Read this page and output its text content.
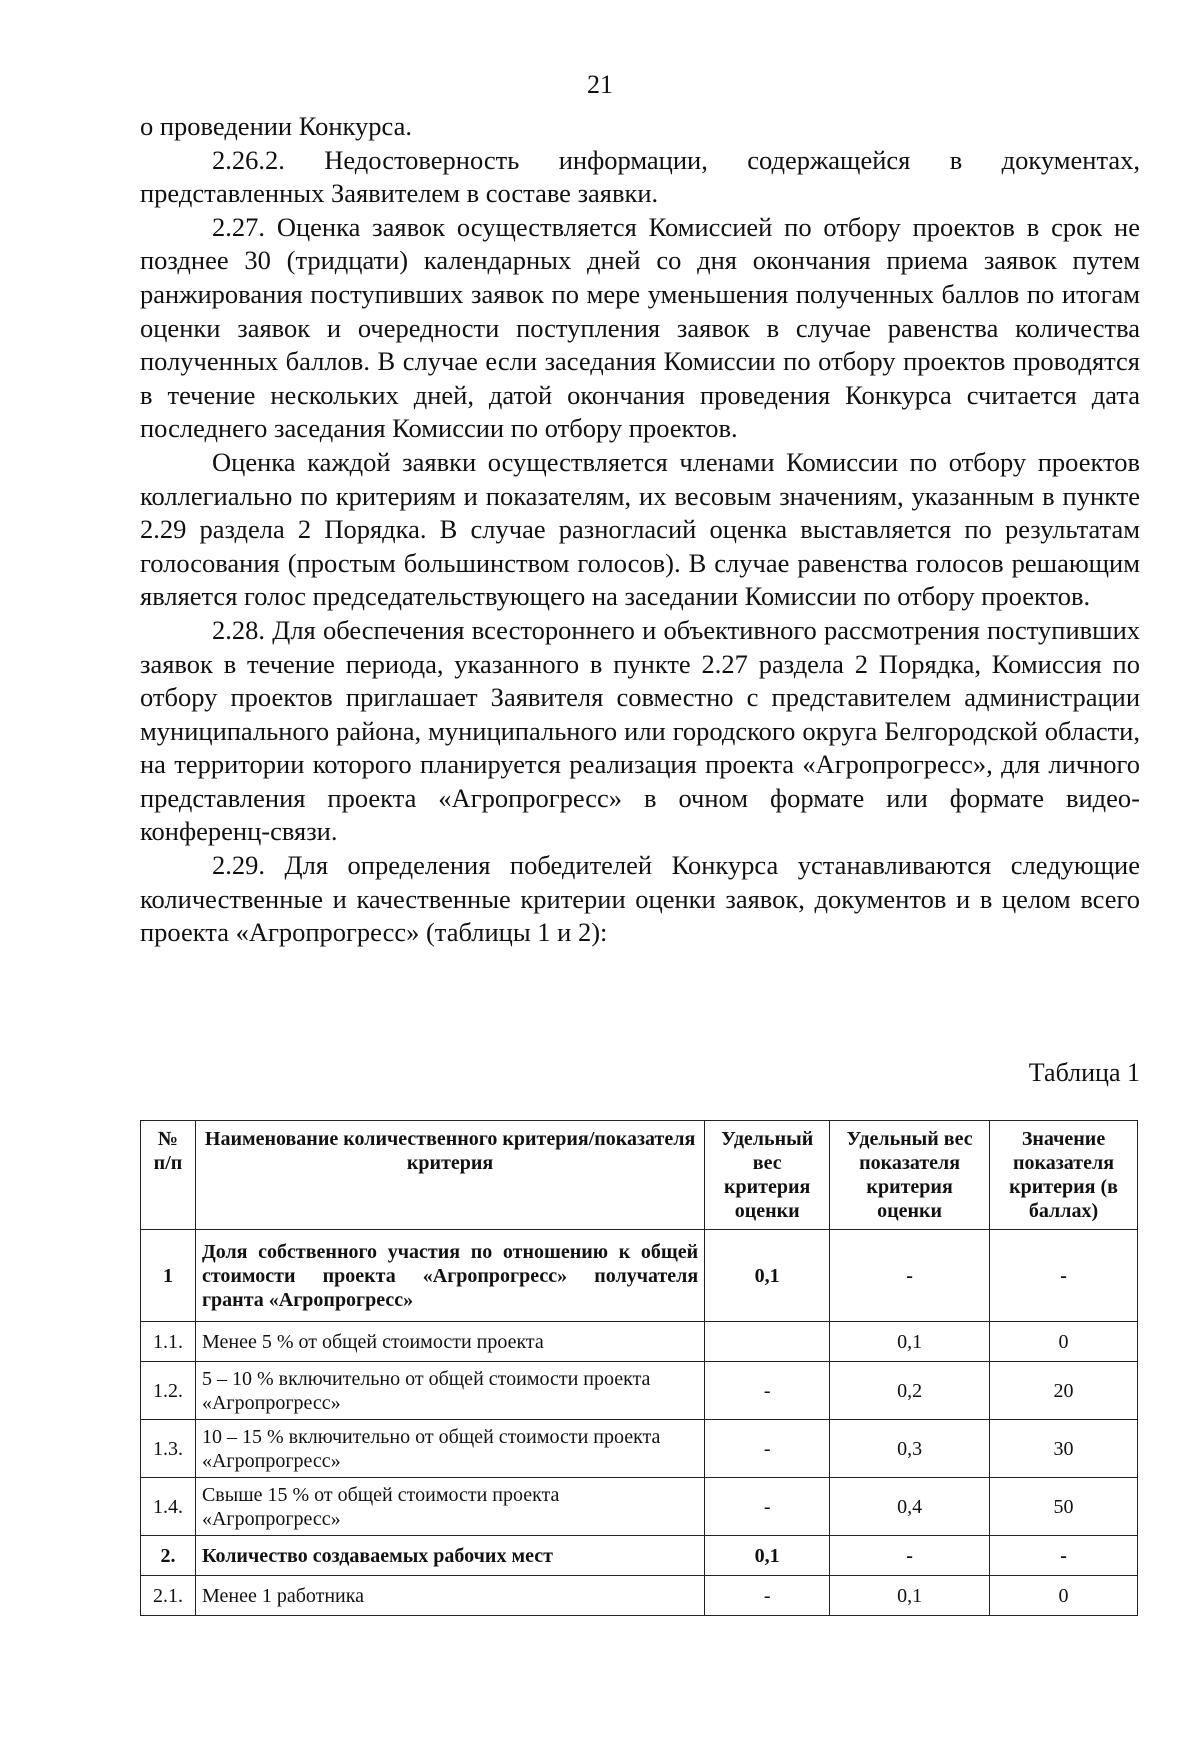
21

о проведении Конкурса.

2.26.2. Недостоверность информации, содержащейся в документах, представленных Заявителем в составе заявки.

2.27. Оценка заявок осуществляется Комиссией по отбору проектов в срок не позднее 30 (тридцати) календарных дней со дня окончания приема заявок путем ранжирования поступивших заявок по мере уменьшения полученных баллов по итогам оценки заявок и очередности поступления заявок в случае равенства количества полученных баллов. В случае если заседания Комиссии по отбору проектов проводятся в течение нескольких дней, датой окончания проведения Конкурса считается дата последнего заседания Комиссии по отбору проектов.

Оценка каждой заявки осуществляется членами Комиссии по отбору проектов коллегиально по критериям и показателям, их весовым значениям, указанным в пункте 2.29 раздела 2 Порядка. В случае разногласий оценка выставляется по результатам голосования (простым большинством голосов). В случае равенства голосов решающим является голос председательствующего на заседании Комиссии по отбору проектов.

2.28. Для обеспечения всестороннего и объективного рассмотрения поступивших заявок в течение периода, указанного в пункте 2.27 раздела 2 Порядка, Комиссия по отбору проектов приглашает Заявителя совместно с представителем администрации муниципального района, муниципального или городского округа Белгородской области, на территории которого планируется реализация проекта «Агропрогресс», для личного представления проекта «Агропрогресс» в очном формате или формате видео-конференц-связи.

2.29. Для определения победителей Конкурса устанавливаются следующие количественные и качественные критерии оценки заявок, документов и в целом всего проекта «Агропрогресс» (таблицы 1 и 2):

Таблица 1
№ п/п	Наименование количественного критерия/показателя критерия	Удельный вес критерия оценки	Удельный вес показателя критерия оценки	Значение показателя критерия (в баллах)
1	Доля собственного участия по отношению к общей стоимости проекта «Агропрогресс» получателя гранта «Агропрогресс»	0,1	-	-
1.1.	Менее 5 % от общей стоимости проекта		0,1	0
1.2.	5 – 10 % включительно от общей стоимости проекта «Агропрогресс»	-	0,2	20
1.3.	10 – 15 % включительно от общей стоимости проекта «Агропрогресс»	-	0,3	30
1.4.	Свыше 15 % от общей стоимости проекта «Агропрогресс»	-	0,4	50
2.	Количество создаваемых рабочих мест	0,1	-	-
2.1.	Менее 1 работника	-	0,1	0
